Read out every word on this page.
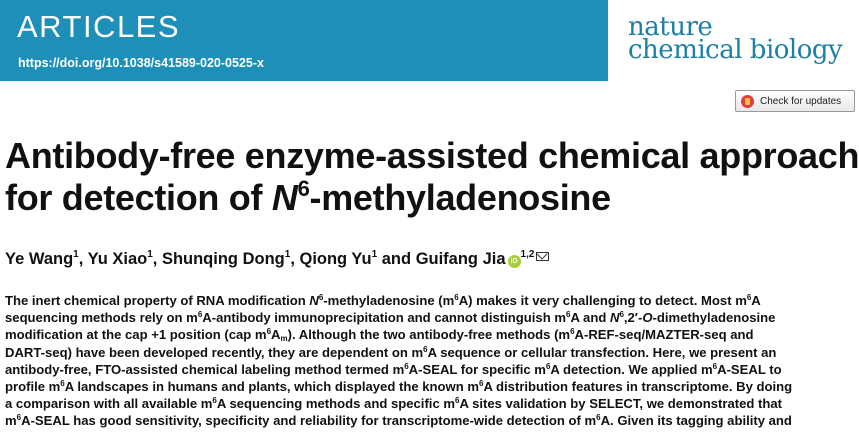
ARTICLES
https://doi.org/10.1038/s41589-020-0525-x
nature
chemical biology
Check for updates
Antibody-free enzyme-assisted chemical approach
for detection of $N^6$-methyladenosine
Ye Wang$^1$, Yu Xiao$^1$, Shunqing Dong$^1$, Qiong Yu$^1$ and Guifang Jia iD$^{1,2}$
The inert chemical property of RNA modification $N^6$-methyladenosine $(m^6A)$ makes it very challenging to detect. Most $m^6A$
sequencing methods rely on $m^6A$-antibody immunoprecipitation and cannot distinguish $m^6A$ and $N^6,2'-O$-dimethyladenosine
modification at the cap +1 position (cap $m^6A_m$). Although the two antibody-free methods ($m^6A-REF-seq/MAZTER$-seq and
DART-seq) have been developed recently, they are dependent on $m^6A$ sequence or cellular transfection. Here, we present an
antibody-free, FTO-assisted chemical labeling method termed $m^6A$-SEAL for specific $m^6A$ detection. We applied $m^6A$-SEAL to
profile $m^6A$ landscapes in humans and plants, which displayed the known $m^6A$ distribution features in transcriptome. By doing
a comparison with all available $m^6A$ sequencing methods and specific $m^6A$ sites validation by SELECT, we demonstrated that
$m^6A$-SEAL has good sensitivity, specificity and reliability for transcriptome-wide detection of $m^6A$. Given its tagging ability and
